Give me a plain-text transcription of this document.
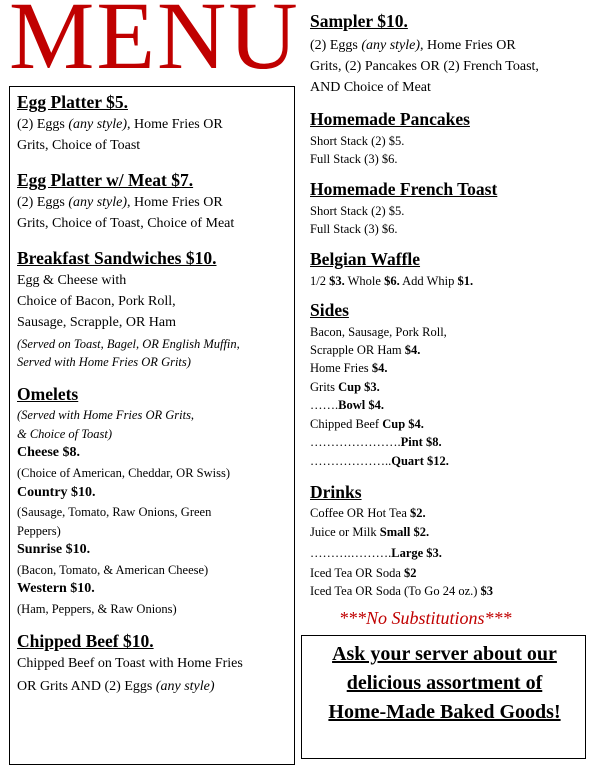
MENU
Egg Platter $5.
(2) Eggs (any style), Home Fries OR
Grits, Choice of Toast
Egg Platter w/ Meat $7.
(2) Eggs (any style), Home Fries OR
Grits, Choice of Toast, Choice of Meat
Breakfast Sandwiches $10.
Egg & Cheese with
Choice of Bacon, Pork Roll,
Sausage, Scrapple, OR Ham
(Served on Toast, Bagel, OR English Muffin,
Served with Home Fries OR Grits)
Omelets
(Served with Home Fries OR Grits,
& Choice of Toast)
Cheese $8.
(Choice of American, Cheddar, OR Swiss)
Country $10.
(Sausage, Tomato, Raw Onions, Green
Peppers)
Sunrise $10.
(Bacon, Tomato, & American Cheese)
Western $10.
(Ham, Peppers, & Raw Onions)
Chipped Beef $10.
Chipped Beef on Toast with Home Fries
OR Grits AND (2) Eggs (any style)
Sampler $10.
(2) Eggs (any style), Home Fries OR
Grits, (2) Pancakes OR (2) French Toast,
AND Choice of Meat
Homemade Pancakes
Short Stack (2) $5.
Full Stack (3) $6.
Homemade French Toast
Short Stack (2) $5.
Full Stack (3) $6.
Belgian Waffle
1/2 $3. Whole $6. Add Whip $1.
Sides
Bacon, Sausage, Pork Roll,
Scrapple OR Ham $4.
Home Fries $4.
Grits Cup $3.
…….Bowl $4.
Chipped Beef Cup $4.
………………….Pint $8.
………………..Quart $12.
Drinks
Coffee OR Hot Tea $2.
Juice or Milk Small $2.
……….……….Large $3.
Iced Tea OR Soda $2
Iced Tea OR Soda (To Go 24 oz.) $3
***No Substitutions***
Ask your server about our
delicious assortment of
Home-Made Baked Goods!
